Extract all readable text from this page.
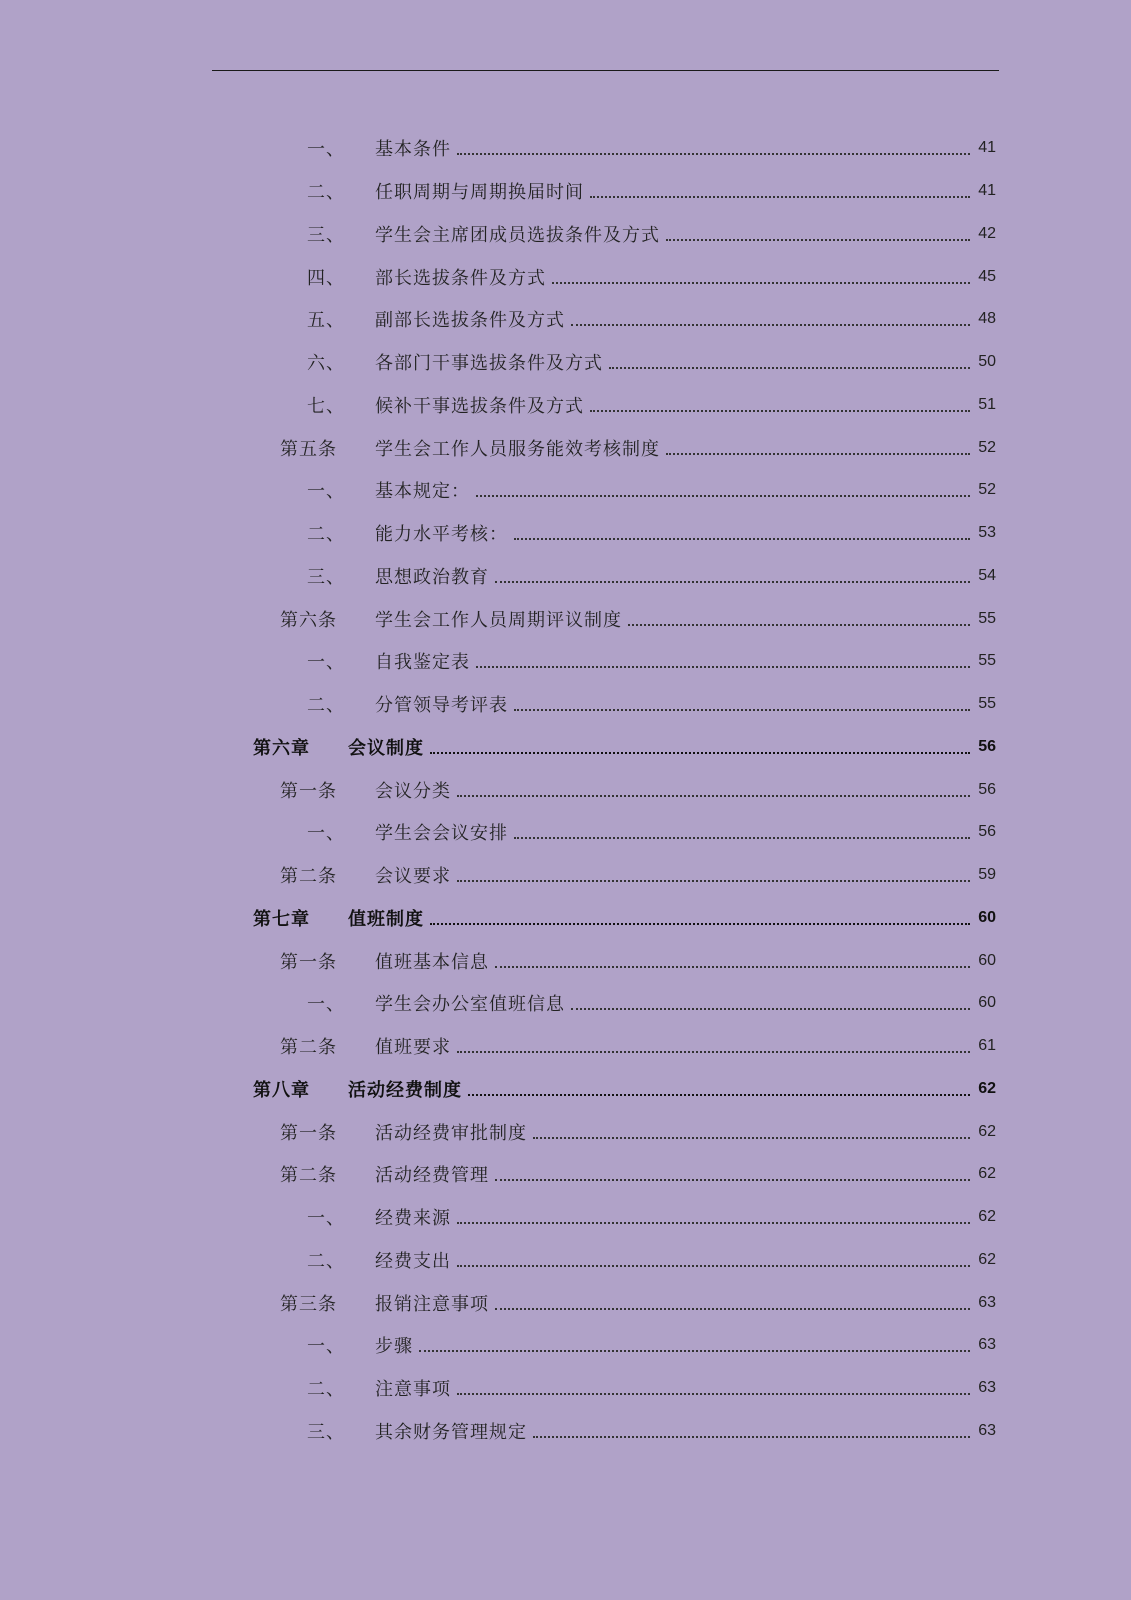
一、 基本条件	41
二、 任职周期与周期换届时间	41
三、 学生会主席团成员选拔条件及方式	42
四、 部长选拔条件及方式	45
五、 副部长选拔条件及方式	48
六、 各部门干事选拔条件及方式	50
七、 候补干事选拔条件及方式	51
第五条 学生会工作人员服务能效考核制度	52
一、 基本规定：	52
二、 能力水平考核：	53
三、 思想政治教育	54
第六条 学生会工作人员周期评议制度	55
一、 自我鉴定表	55
二、 分管领导考评表	55
第六章 会议制度	56
第一条 会议分类	56
一、 学生会会议安排	56
第二条 会议要求	59
第七章 值班制度	60
第一条 值班基本信息	60
一、 学生会办公室值班信息	60
第二条 值班要求	61
第八章 活动经费制度	62
第一条 活动经费审批制度	62
第二条 活动经费管理	62
一、 经费来源	62
二、 经费支出	62
第三条 报销注意事项	63
一、 步骤	63
二、 注意事项	63
三、 其余财务管理规定	63
